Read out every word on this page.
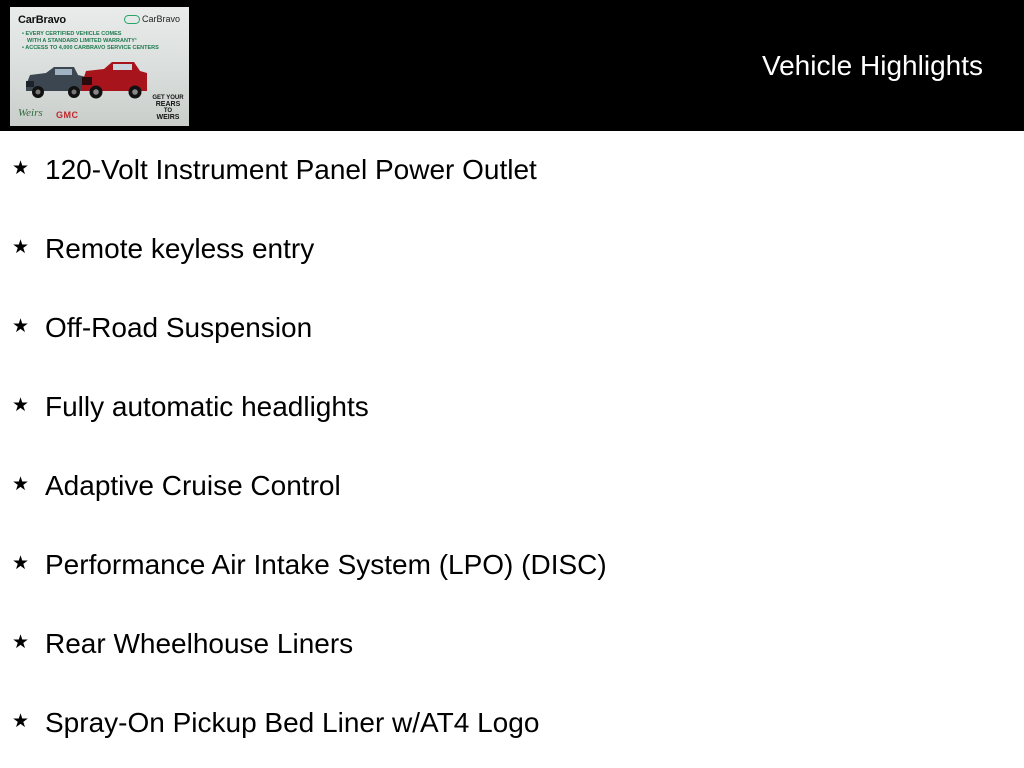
CarBravo	CarBravo
• EVERY CERTIFIED VEHICLE COMES
WITH A STANDARD LIMITED WARRANTY¹
• ACCESS TO 4,000 CARBRAVO SERVICE CENTERS
Weirs GMC
GET YOUR
REARS
TO
WEIRS
Vehicle Highlights
★ 120-Volt Instrument Panel Power Outlet
★ Remote keyless entry
★ Off-Road Suspension
★ Fully automatic headlights
★ Adaptive Cruise Control
★ Performance Air Intake System (LPO) (DISC)
★ Rear Wheelhouse Liners
★ Spray-On Pickup Bed Liner w/AT4 Logo
